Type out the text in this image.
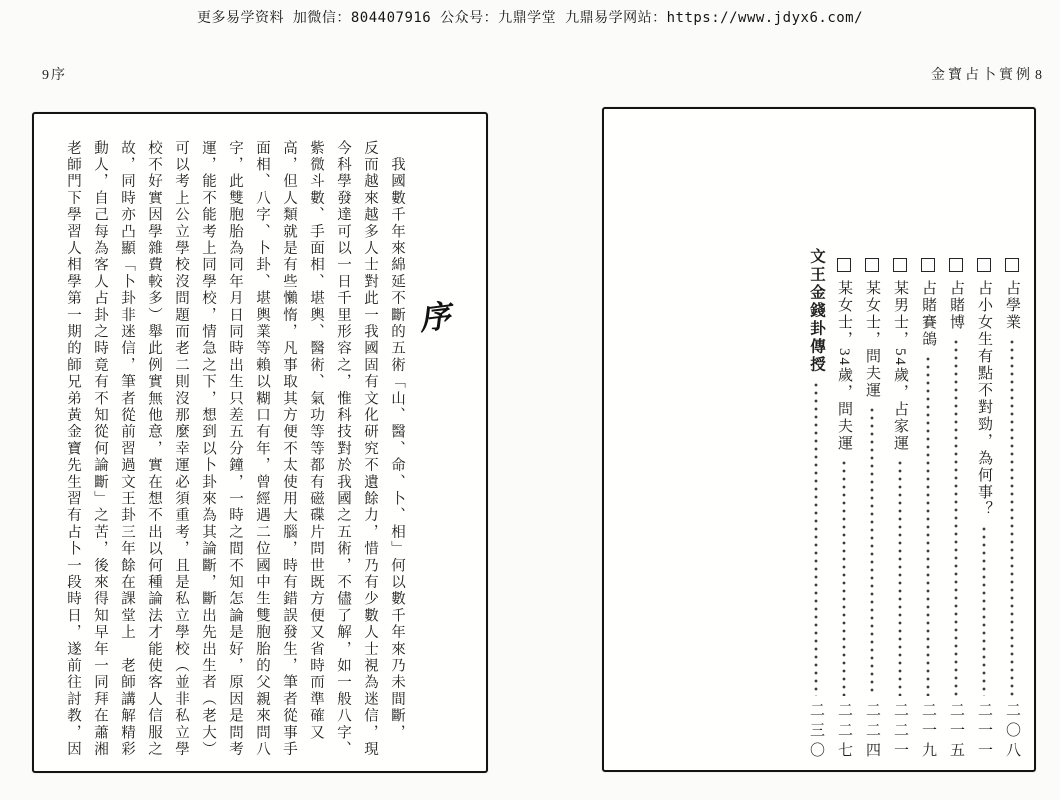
更多易学资料 加微信：804407916 公众号：九鼎学堂 九鼎易学网站：https://www.jdyx6.com/
9 序	金寶占卜實例 8
序
　我國數千年來綿延不斷的五術「山、醫、命、卜、相」何以數千年來乃未間斷，
反而越來越多人士對此一我國固有文化研究不遺餘力，惜乃有少數人士視為迷信，現
今科學發達可以一日千里形容之，惟科技對於我國之五術，不儘了解，如一般八字、
紫微斗數、手面相、堪輿、醫術、氣功等等都有磁碟片問世既方便又省時而準確又
高，但人類就是有些懶惰，凡事取其方便不太使用大腦，時有錯誤發生，筆者從事手
面相、八字、卜卦、堪輿業等賴以糊口有年，曾經遇二位國中生雙胞胎的父親來問八
字，此雙胞胎為同年月日同時出生只差五分鐘，一時之間不知怎論是好，原因是問考
運，能不能考上同學校，情急之下，想到以卜卦來為其論斷，斷出先出生者（老大）
可以考上公立學校沒問題而老二則沒那麼幸運必須重考，且是私立學校（並非私立學
校不好實因學雜費較多）舉此例實無他意，實在想不出以何種論法才能使客人信服之
故，同時亦凸顯「卜卦非迷信，筆者從前習過文王卦三年餘在課堂上　老師講解精彩
動人，自己每為客人占卦之時竟有不知從何論斷」之苦，後來得知早年一同拜在蕭湘
老師門下學習人相學第一期的師兄弟黃金寶先生習有占卜一段時日，遂前往討教，因	占學業
二〇八
占小女生有點不對勁，為何事？
二一一
占賭博
二一五
占賭賽鴿
二一九
某男士，54歲，占家運
二二一
某女士，問夫運
二二四
某女士，34歲，問夫運
二二七
文王金錢卦傳授
二三〇
